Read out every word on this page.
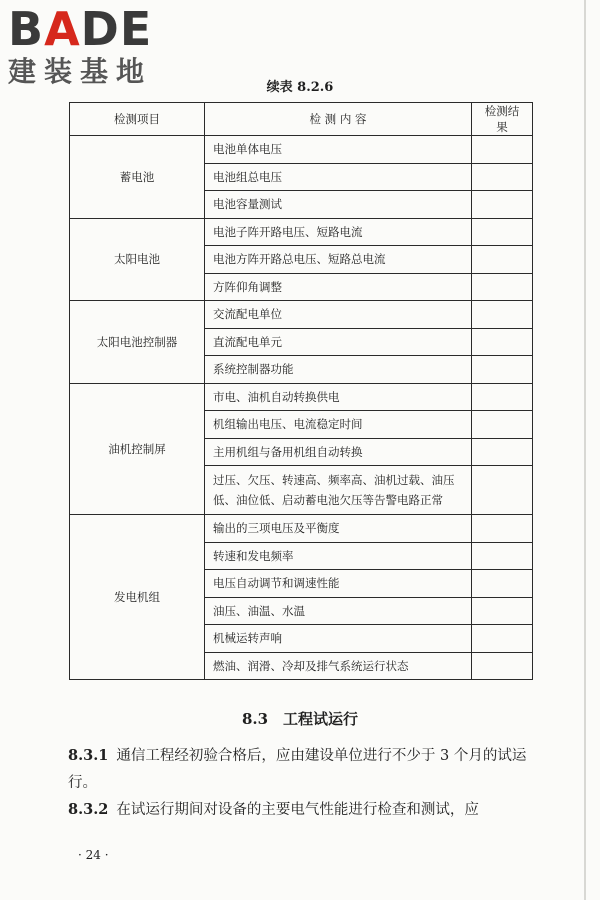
BADE
建装基地	续表 8.2.6
检测项目	检 测 内 容	检测结果
蓄电池	电池单体电压	
	电池组总电压	
	电池容量测试	
太阳电池	电池子阵开路电压、短路电流	
	电池方阵开路总电压、短路总电流	
	方阵仰角调整	
太阳电池控制器	交流配电单位	
	直流配电单元	
	系统控制器功能	
油机控制屏	市电、油机自动转换供电	
	机组输出电压、电流稳定时间	
	主用机组与备用机组自动转换	
	过压、欠压、转速高、频率高、油机过载、油压低、油位低、启动蓄电池欠压等告警电路正常	
发电机组	输出的三项电压及平衡度	
	转速和发电频率	
	电压自动调节和调速性能	
	油压、油温、水温	
	机械运转声响	
	燃油、润滑、冷却及排气系统运行状态	
8.3　工程试运行
8.3.1 通信工程经初验合格后，应由建设单位进行不少于 3 个月的试运行。
8.3.2 在试运行期间对设备的主要电气性能进行检查和测试，应
· 24 ·
